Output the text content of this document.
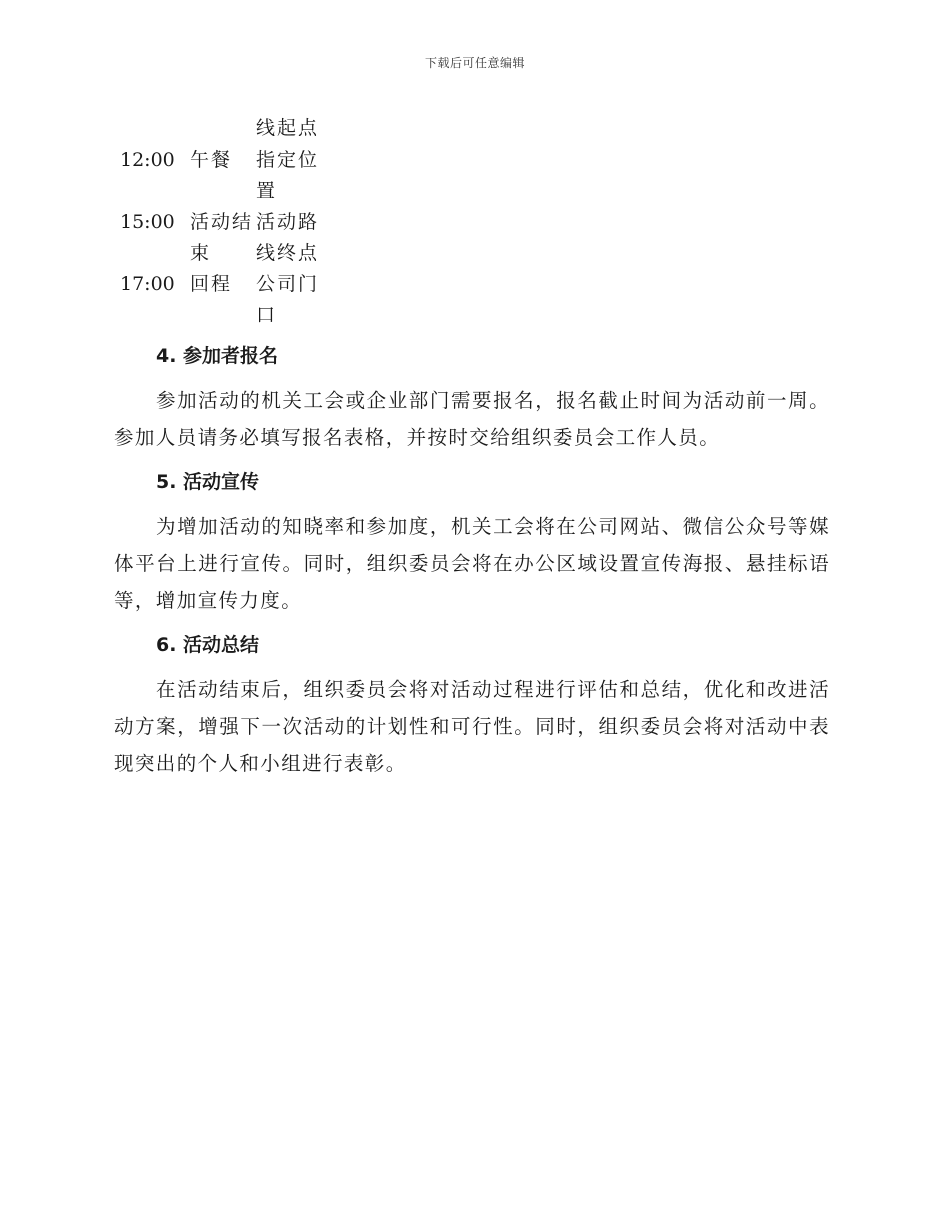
下载后可任意编辑

		线起点

12:00	午餐	指定位置

15:00	活动结束	活动路线终点

17:00	回程	公司门口
4. 参加者报名

参加活动的机关工会或企业部门需要报名，报名截止时间为活动前一周。参加人员请务必填写报名表格，并按时交给组织委员会工作人员。

5. 活动宣传

为增加活动的知晓率和参加度，机关工会将在公司网站、微信公众号等媒体平台上进行宣传。同时，组织委员会将在办公区域设置宣传海报、悬挂标语等，增加宣传力度。

6. 活动总结

在活动结束后，组织委员会将对活动过程进行评估和总结，优化和改进活动方案，增强下一次活动的计划性和可行性。同时，组织委员会将对活动中表现突出的个人和小组进行表彰。
